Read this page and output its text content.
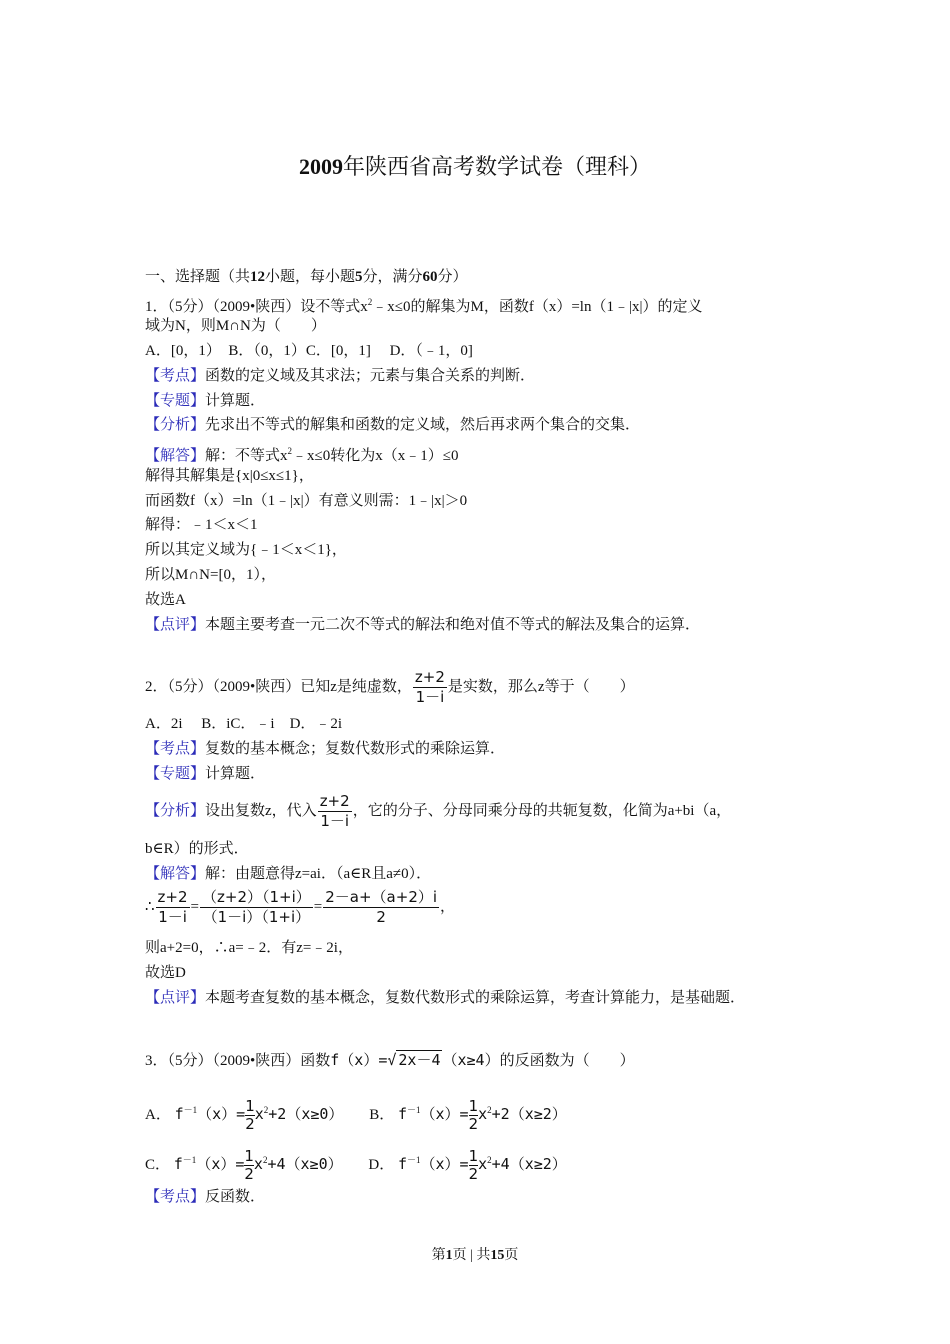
2009年陕西省高考数学试卷（理科）
一、选择题（共12小题，每小题5分，满分60分）
1．（5分）（2009•陕西）设不等式$x^2﹣x\le 0$的解集为M，函数f（x）=ln（1﹣|x|）的定义
域为N，则M∩N为（　　）
A．[0，1）　B．（0，1）C．[0，1]　 D．（﹣1，0]
【考点】函数的定义域及其求法；元素与集合关系的判断．
【专题】计算题．
【分析】先求出不等式的解集和函数的定义域，然后再求两个集合的交集．
【解答】解：不等式$x^2﹣x\le 0$转化为x（x﹣1）≤0
解得其解集是{x|0≤x≤1}，
而函数f（x）=ln（1﹣|x|）有意义则需：1﹣|x|＞0
解得：﹣1＜x＜1
所以其定义域为{﹣1＜x＜1}，
所以M∩N=[0，1），
故选A
【点评】本题主要考查一元二次不等式的解法和绝对值不等式的解法及集合的运算．
2．（5分）（2009•陕西）已知z是纯虚数， $\frac{z+2}{1-i}$ 是实数，那么z等于（　　）
A．2i　 B．iC．﹣i　D．﹣2i
【考点】复数的基本概念；复数代数形式的乘除运算．
【专题】计算题．
【分析】设出复数z，代入 $\frac{z+2}{1-i}$ ，它的分子、分母同乘分母的共轭复数，化简为a+bi（a，
b∈R）的形式．
【解答】解：由题意得z=ai．（a∈R且a≠0）．
∴ $\frac{z+2}{1-i} = \frac{(z+2)(1+i)}{(1-i)(1+i)} = \frac{2-a+(a+2)i}{2}$ ，
则a+2=0，∴a=﹣2．有z=﹣2i，
故选D
【点评】本题考查复数的基本概念，复数代数形式的乘除运算，考查计算能力，是基础题．
3．（5分）（2009•陕西）函数f（x）=√ 2x－4 （x≥4）的反函数为（　　）
A． $f^{-1}(x)= \frac{1}{2} x^2+2(x\ge 0)$ B． $f^{-1}(x)= \frac{1}{2} x^2+2(x\ge 2)$
C． $f^{-1}(x)= \frac{1}{2} x^2+4(x\ge 0)$ D． $f^{-1}(x)= \frac{1}{2} x^2+4(x\ge 2)$
【考点】反函数．
第1页 | 共15页
